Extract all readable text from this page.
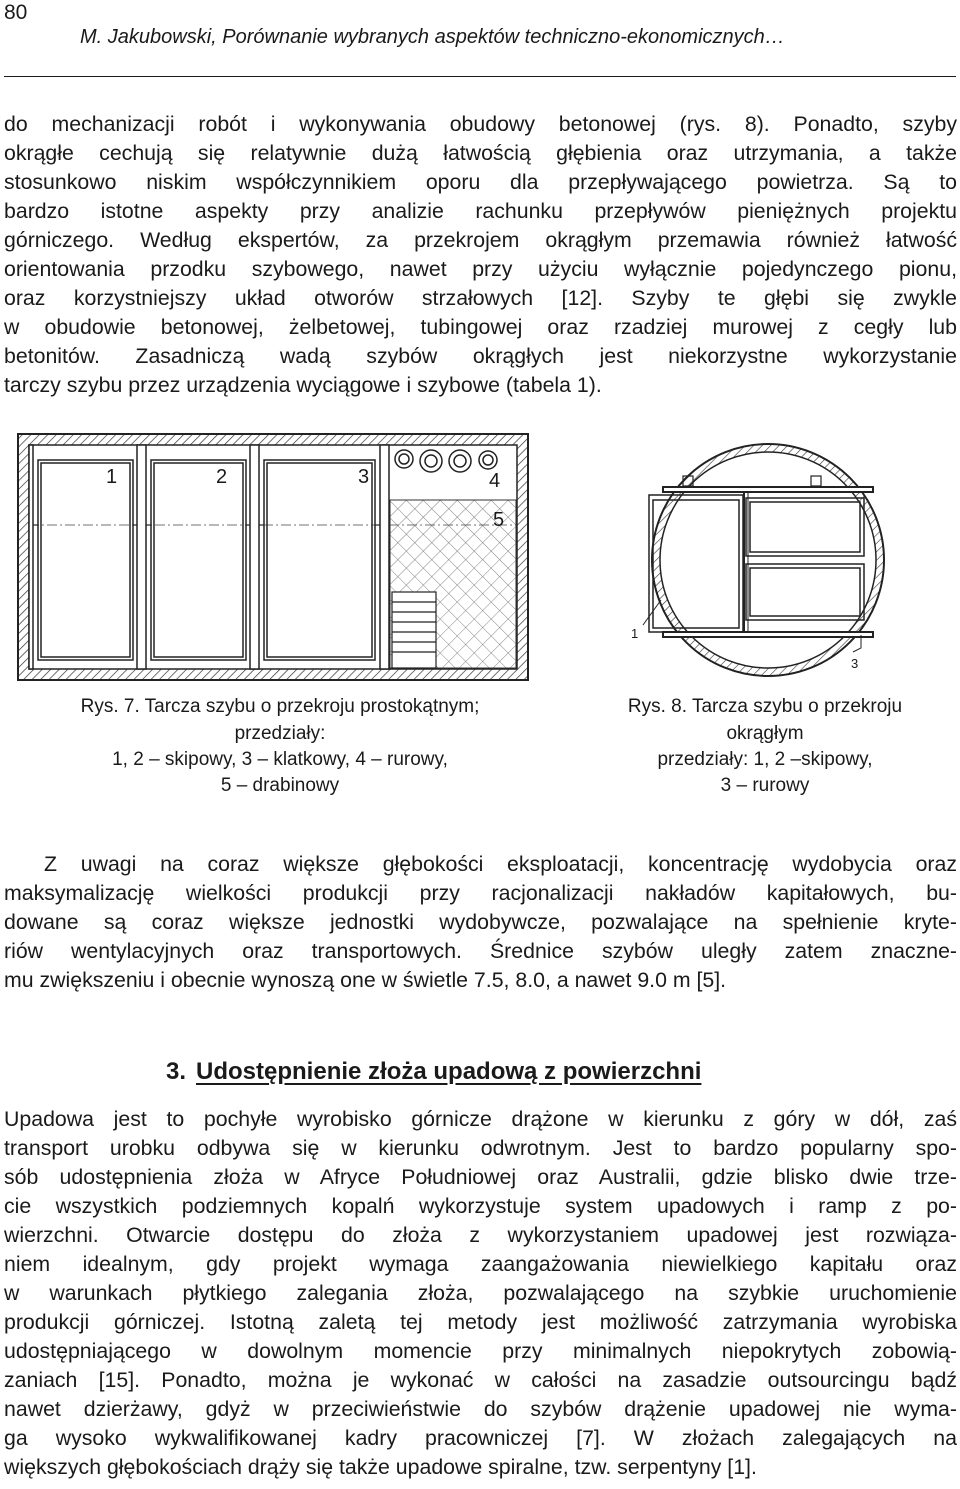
80
M. Jakubowski, Porównanie wybranych aspektów techniczno-ekonomicznych…
do mechanizacji robót i wykonywania obudowy betonowej (rys. 8). Ponadto, szyby
okrągłe cechują się relatywnie dużą łatwością głębienia oraz utrzymania, a także
stosunkowo niskim współczynnikiem oporu dla przepływającego powietrza. Są to
bardzo istotne aspekty przy analizie rachunku przepływów pieniężnych projektu
górniczego. Według ekspertów, za przekrojem okrągłym przemawia również łatwość
orientowania przodku szybowego, nawet przy użyciu wyłącznie pojedynczego pionu,
oraz korzystniejszy układ otworów strzałowych [12]. Szyby te głębi się zwykle
w obudowie betonowej, żelbetowej, tubingowej oraz rzadziej murowej z cegły lub
betonitów. Zasadniczą wadą szybów okrągłych jest niekorzystne wykorzystanie
tarczy szybu przez urządzenia wyciągowe i szybowe (tabela 1).
1	2	3	4
5
1
3
Rys. 7. Tarcza szybu o przekroju prostokątnym;
przedziały:
1, 2 – skipowy, 3 – klatkowy, 4 – rurowy,
5 – drabinowy
Rys. 8. Tarcza szybu o przekroju
okrągłym
przedziały: 1, 2 –skipowy,
3 – rurowy
Z uwagi na coraz większe głębokości eksploatacji, koncentrację wydobycia oraz
maksymalizację wielkości produkcji przy racjonalizacji nakładów kapitałowych, bu-
dowane są coraz większe jednostki wydobywcze, pozwalające na spełnienie kryte-
riów wentylacyjnych oraz transportowych. Średnice szybów uległy zatem znaczne-
mu zwiększeniu i obecnie wynoszą one w świetle 7.5, 8.0, a nawet 9.0 m [5].
3. Udostępnienie złoża upadową z powierzchni
Upadowa jest to pochyłe wyrobisko górnicze drążone w kierunku z góry w dół, zaś
transport urobku odbywa się w kierunku odwrotnym. Jest to bardzo popularny spo-
sób udostępnienia złoża w Afryce Południowej oraz Australii, gdzie blisko dwie trze-
cie wszystkich podziemnych kopalń wykorzystuje system upadowych i ramp z po-
wierzchni. Otwarcie dostępu do złoża z wykorzystaniem upadowej jest rozwiąza-
niem idealnym, gdy projekt wymaga zaangażowania niewielkiego kapitału oraz
w warunkach płytkiego zalegania złoża, pozwalającego na szybkie uruchomienie
produkcji górniczej. Istotną zaletą tej metody jest możliwość zatrzymania wyrobiska
udostępniającego w dowolnym momencie przy minimalnych niepokrytych zobowią-
zaniach [15]. Ponadto, można je wykonać w całości na zasadzie outsourcingu bądź
nawet dzierżawy, gdyż w przeciwieństwie do szybów drążenie upadowej nie wyma-
ga wysoko wykwalifikowanej kadry pracowniczej [7]. W złożach zalegających na
większych głębokościach drąży się także upadowe spiralne, tzw. serpentyny [1].
